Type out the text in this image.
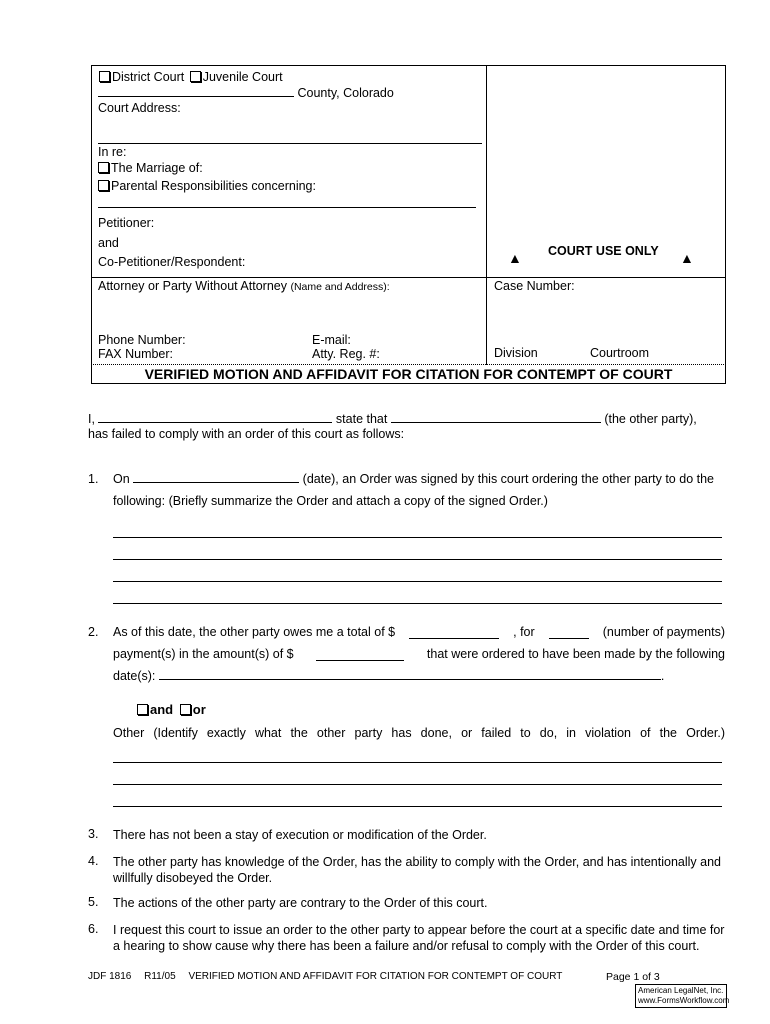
District Court Juvenile Court
County, Colorado
Court Address:
In re:
The Marriage of:
Parental Responsibilities concerning:
Petitioner:
and
Co-Petitioner/Respondent:	▲ COURT USE ONLY ▲
Attorney or Party Without Attorney (Name and Address):	Case Number:
Phone Number:	E-mail:
FAX Number:	Atty. Reg. #:	Division	Courtroom
VERIFIED MOTION AND AFFIDAVIT FOR CITATION FOR CONTEMPT OF COURT
I,	state that	(the other party),
has failed to comply with an order of this court as follows:
1. On	(date), an Order was signed by this court ordering the other party to do the
following: (Briefly summarize the Order and attach a copy of the signed Order.)
2. As of this date, the other party owes me a total of $	, for	(number of payments)
payment(s) in the amount(s) of $	that were ordered to have been made by the following
date(s):	.
and or
Other (Identify exactly what the other party has done, or failed to do, in violation of the Order.)
3. There has not been a stay of execution or modification of the Order.
4. The other party has knowledge of the Order, has the ability to comply with the Order, and has intentionally and willfully disobeyed the Order.
5. The actions of the other party are contrary to the Order of this court.
6. I request this court to issue an order to the other party to appear before the court at a specific date and time for a hearing to show cause why there has been a failure and/or refusal to comply with the Order of this court.
JDF 1816 R11/05 VERIFIED MOTION AND AFFIDAVIT FOR CITATION FOR CONTEMPT OF COURT	Page 1 of 3
American LegalNet, Inc.
www.FormsWorkflow.com
